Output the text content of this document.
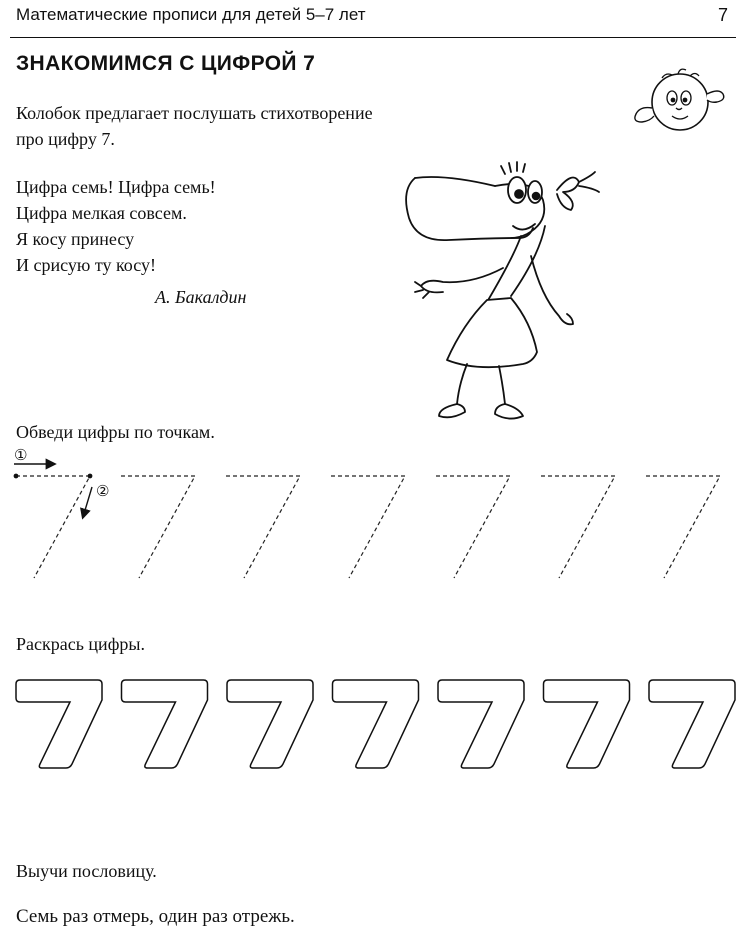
Математические прописи для детей 5–7 лет	7
ЗНАКОМИМСЯ С ЦИФРОЙ 7
Колобок предлагает послушать стихотворение
про цифру 7.
Цифра семь! Цифра семь!
Цифра мелкая совсем.
Я косу принесу
И срисую ту косу!
А. Бакалдин
Обведи цифры по точкам.
①
②
Раскрась цифры.
Выучи пословицу.
Семь раз отмерь, один раз отрежь.
